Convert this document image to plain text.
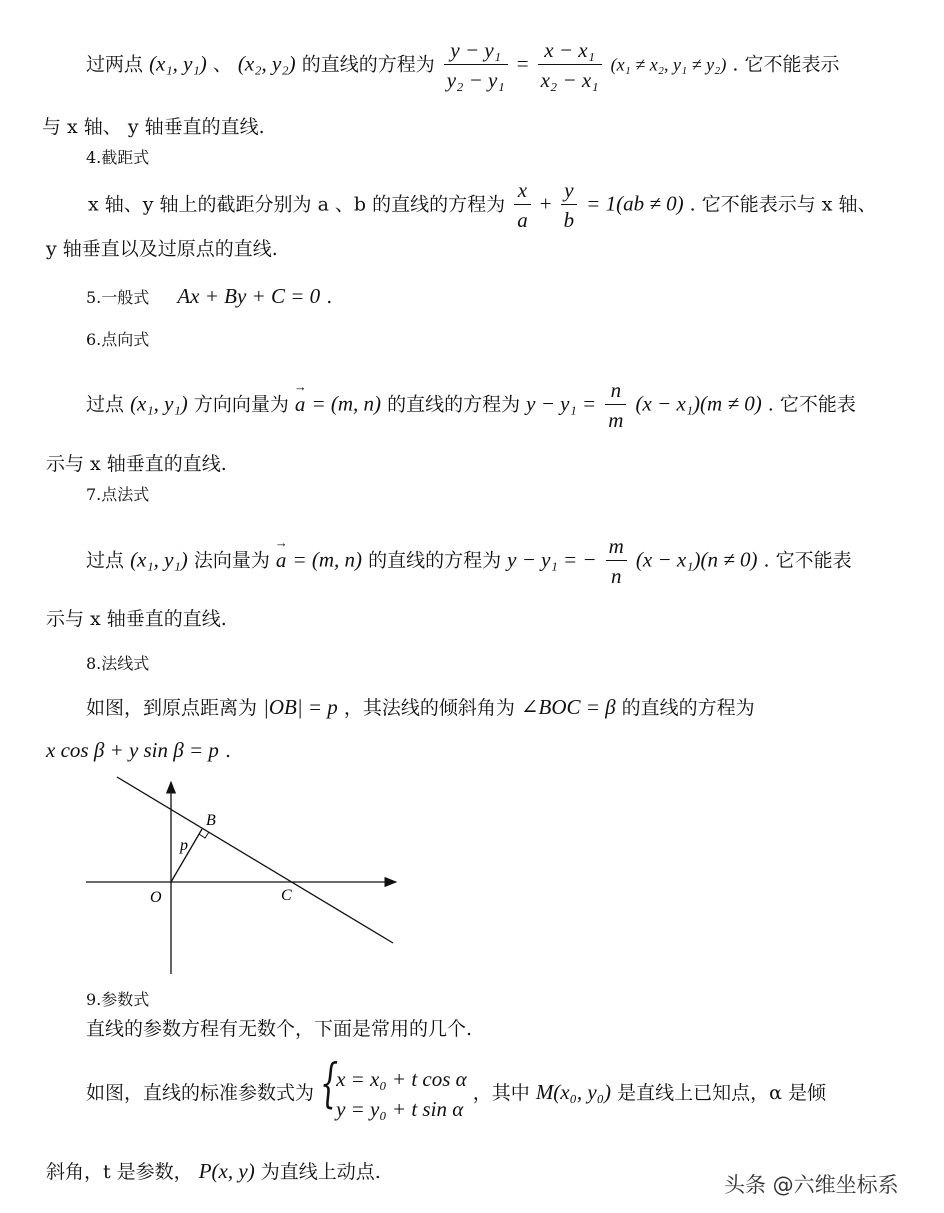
过两点 (x₁, y₁) 、 (x₂, y₂) 的直线的方程为 $\frac{\text{y − y₁}}{\text{y₂ − y₁}} = \frac{\text{x − x₁}}{\text{x₂ − x₁}} (x_1 \ne x_2$, y₁ ≠ y₂) . 它不能表示
与 x 轴、 y 轴垂直的直线.
4.截距式
x 轴、y 轴上的截距分别为 a 、b 的直线的方程为 $\frac{x}{a} + \frac{y}{b} = 1(ab \ne 0)$ . 它不能表示与 x 轴、
y 轴垂直以及过原点的直线.
5.一般式 Ax + By + C = 0 .
6.点向式
过点 (x₁, y₁) 方向向量为 → a = (m, n) 的直线的方程为 $y - y_1 = \frac{n}{m} (x - x_1)(m \ne 0)$ . 它不能表
示与 x 轴垂直的直线.
7.点法式
过点 (x₁, y₁) 法向量为 → a = (m, n) 的直线的方程为 y − y₁ = − $\frac{m}{n} (x - x_1)(n \ne 0)$ . 它不能表
示与 x 轴垂直的直线.
8.法线式
如图，到原点距离为 |OB| = p ，其法线的倾斜角为 ∠BOC = β 的直线的方程为
x cos β + y sin β = p .
O
B
C
p
9.参数式
直线的参数方程有无数个，下面是常用的几个.
如图，直线的标准参数式为 {
x = x₀ + t cos α
y = y₀ + t sin α
，其中 M(x₀, y₀) 是直线上已知点，α 是倾
斜角，t 是参数， P(x, y) 为直线上动点.
头条 @六维坐标系
